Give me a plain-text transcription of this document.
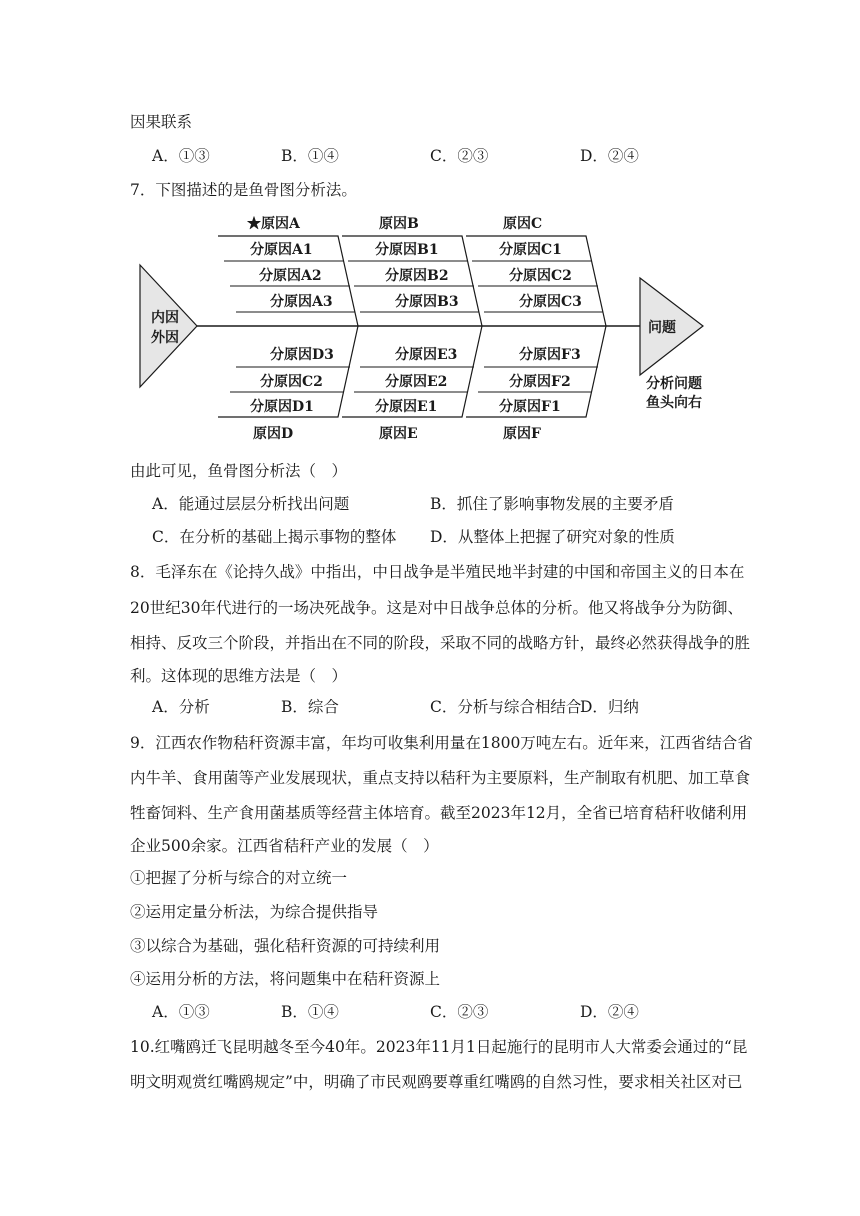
因果联系
A．①③	B．①④	C．②③	D．②④
7．下图描述的是鱼骨图分析法。
内因
外因
问题
分析问题
鱼头向右
★原因A
分原因A1
分原因A2
分原因A3
原因B
分原因B1
分原因B2
分原因B3
原因C
分原因C1
分原因C2
分原因C3
分原因D3
分原因C2
分原因D1
原因D
分原因E3
分原因E2
分原因E1
原因E
分原因F3
分原因F2
分原因F1
原因F
由此可见，鱼骨图分析法（　）
A．能通过层层分析找出问题	B．抓住了影响事物发展的主要矛盾
C．在分析的基础上揭示事物的整体 D．从整体上把握了研究对象的性质
8．毛泽东在《论持久战》中指出，中日战争是半殖民地半封建的中国和帝国主义的日本在
20世纪30年代进行的一场决死战争。这是对中日战争总体的分析。他又将战争分为防御、
相持、反攻三个阶段，并指出在不同的阶段，采取不同的战略方针，最终必然获得战争的胜
利。这体现的思维方法是（　）
A．分析	B．综合	C．分析与综合相结合
D．归纳
9．江西农作物秸秆资源丰富，年均可收集利用量在1800万吨左右。近年来，江西省结合省
内牛羊、食用菌等产业发展现状，重点支持以秸秆为主要原料，生产制取有机肥、加工草食
牲畜饲料、生产食用菌基质等经营主体培育。截至2023年12月，全省已培育秸秆收储利用
企业500余家。江西省秸秆产业的发展（　）
①把握了分析与综合的对立统一
②运用定量分析法，为综合提供指导
③以综合为基础，强化秸秆资源的可持续利用
④运用分析的方法，将问题集中在秸秆资源上
A．①③	B．①④	C．②③	D．②④
10.红嘴鸥迁飞昆明越冬至今40年。2023年11月1日起施行的昆明市人大常委会通过的“昆
明文明观赏红嘴鸥规定”中，明确了市民观鸥要尊重红嘴鸥的自然习性，要求相关社区对已
